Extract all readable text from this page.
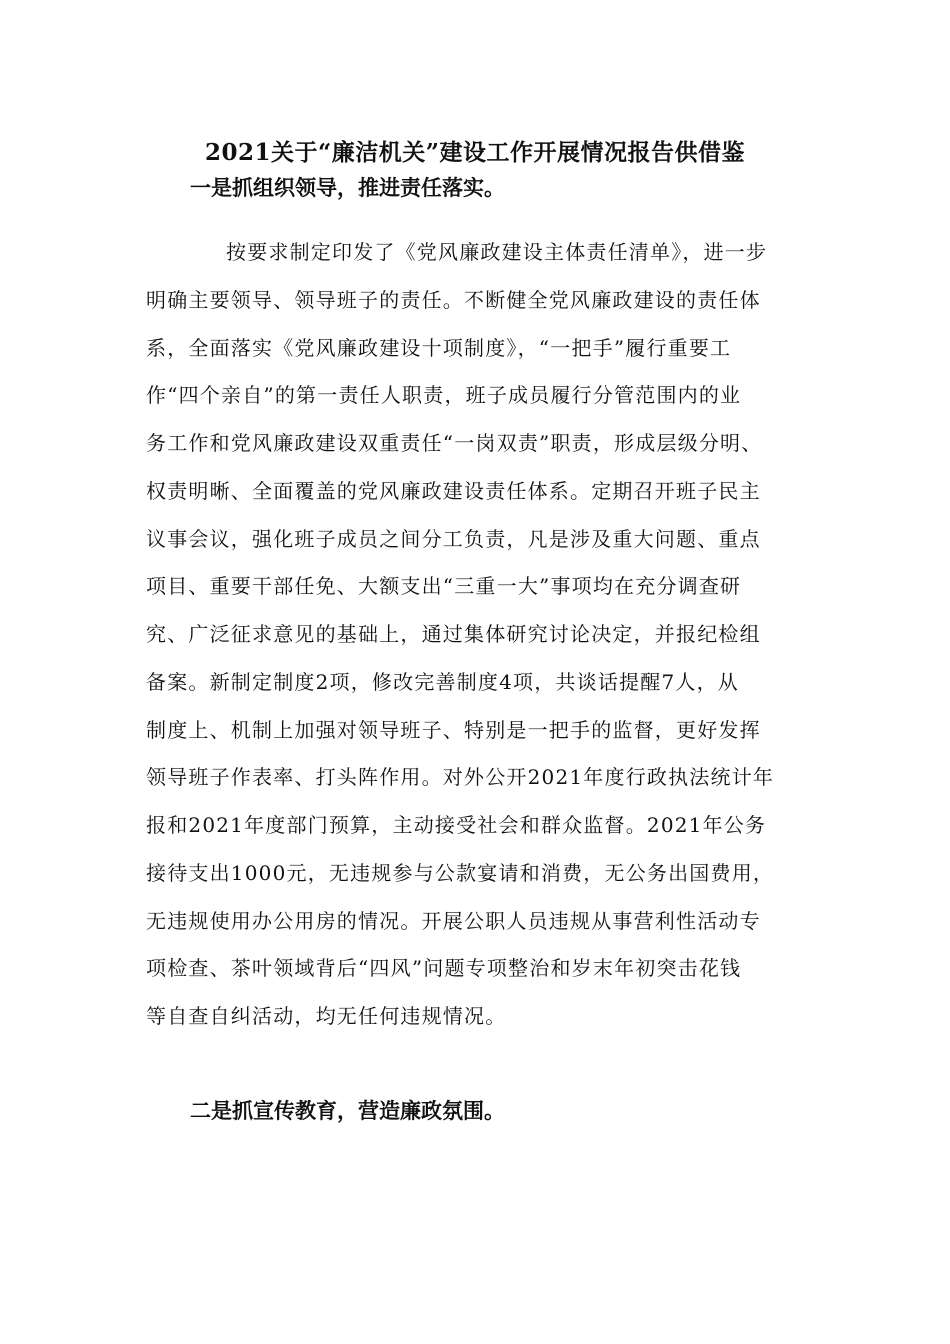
2021关于“廉洁机关”建设工作开展情况报告供借鉴
一是抓组织领导，推进责任落实。
按要求制定印发了《党风廉政建设主体责任清单》，进一步
明确主要领导、领导班子的责任。不断健全党风廉政建设的责任体
系，全面落实《党风廉政建设十项制度》，“一把手”履行重要工
作“四个亲自”的第一责任人职责，班子成员履行分管范围内的业
务工作和党风廉政建设双重责任“一岗双责”职责，形成层级分明、
权责明晰、全面覆盖的党风廉政建设责任体系。定期召开班子民主
议事会议，强化班子成员之间分工负责，凡是涉及重大问题、重点
项目、重要干部任免、大额支出“三重一大”事项均在充分调查研
究、广泛征求意见的基础上，通过集体研究讨论决定，并报纪检组
备案。新制定制度2项，修改完善制度4项，共谈话提醒7人，从
制度上、机制上加强对领导班子、特别是一把手的监督，更好发挥
领导班子作表率、打头阵作用。对外公开2021年度行政执法统计年
报和2021年度部门预算，主动接受社会和群众监督。2021年公务
接待支出1000元，无违规参与公款宴请和消费，无公务出国费用，
无违规使用办公用房的情况。开展公职人员违规从事营利性活动专
项检查、茶叶领域背后“四风”问题专项整治和岁末年初突击花钱
等自查自纠活动，均无任何违规情况。
二是抓宣传教育，营造廉政氛围。
